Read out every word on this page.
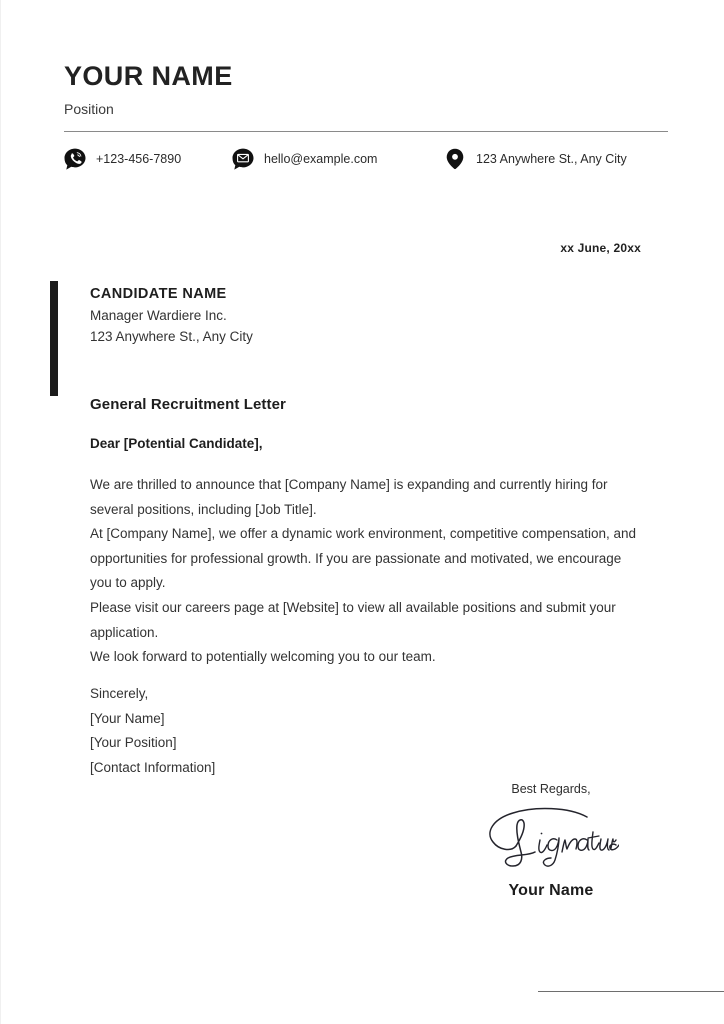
YOUR NAME
Position
+123-456-7890	hello@example.com	123 Anywhere St., Any City
xx June, 20xx
CANDIDATE NAME
Manager Wardiere Inc.
123 Anywhere St., Any City
General Recruitment Letter
Dear [Potential Candidate],

We are thrilled to announce that [Company Name] is expanding and currently hiring for several positions, including [Job Title].

At [Company Name], we offer a dynamic work environment, competitive compensation, and opportunities for professional growth. If you are passionate and motivated, we encourage you to apply.

Please visit our careers page at [Website] to view all available positions and submit your application.

We look forward to potentially welcoming you to our team.

Sincerely,
[Your Name]
[Your Position]
[Contact Information]
Best Regards,
Your Name
